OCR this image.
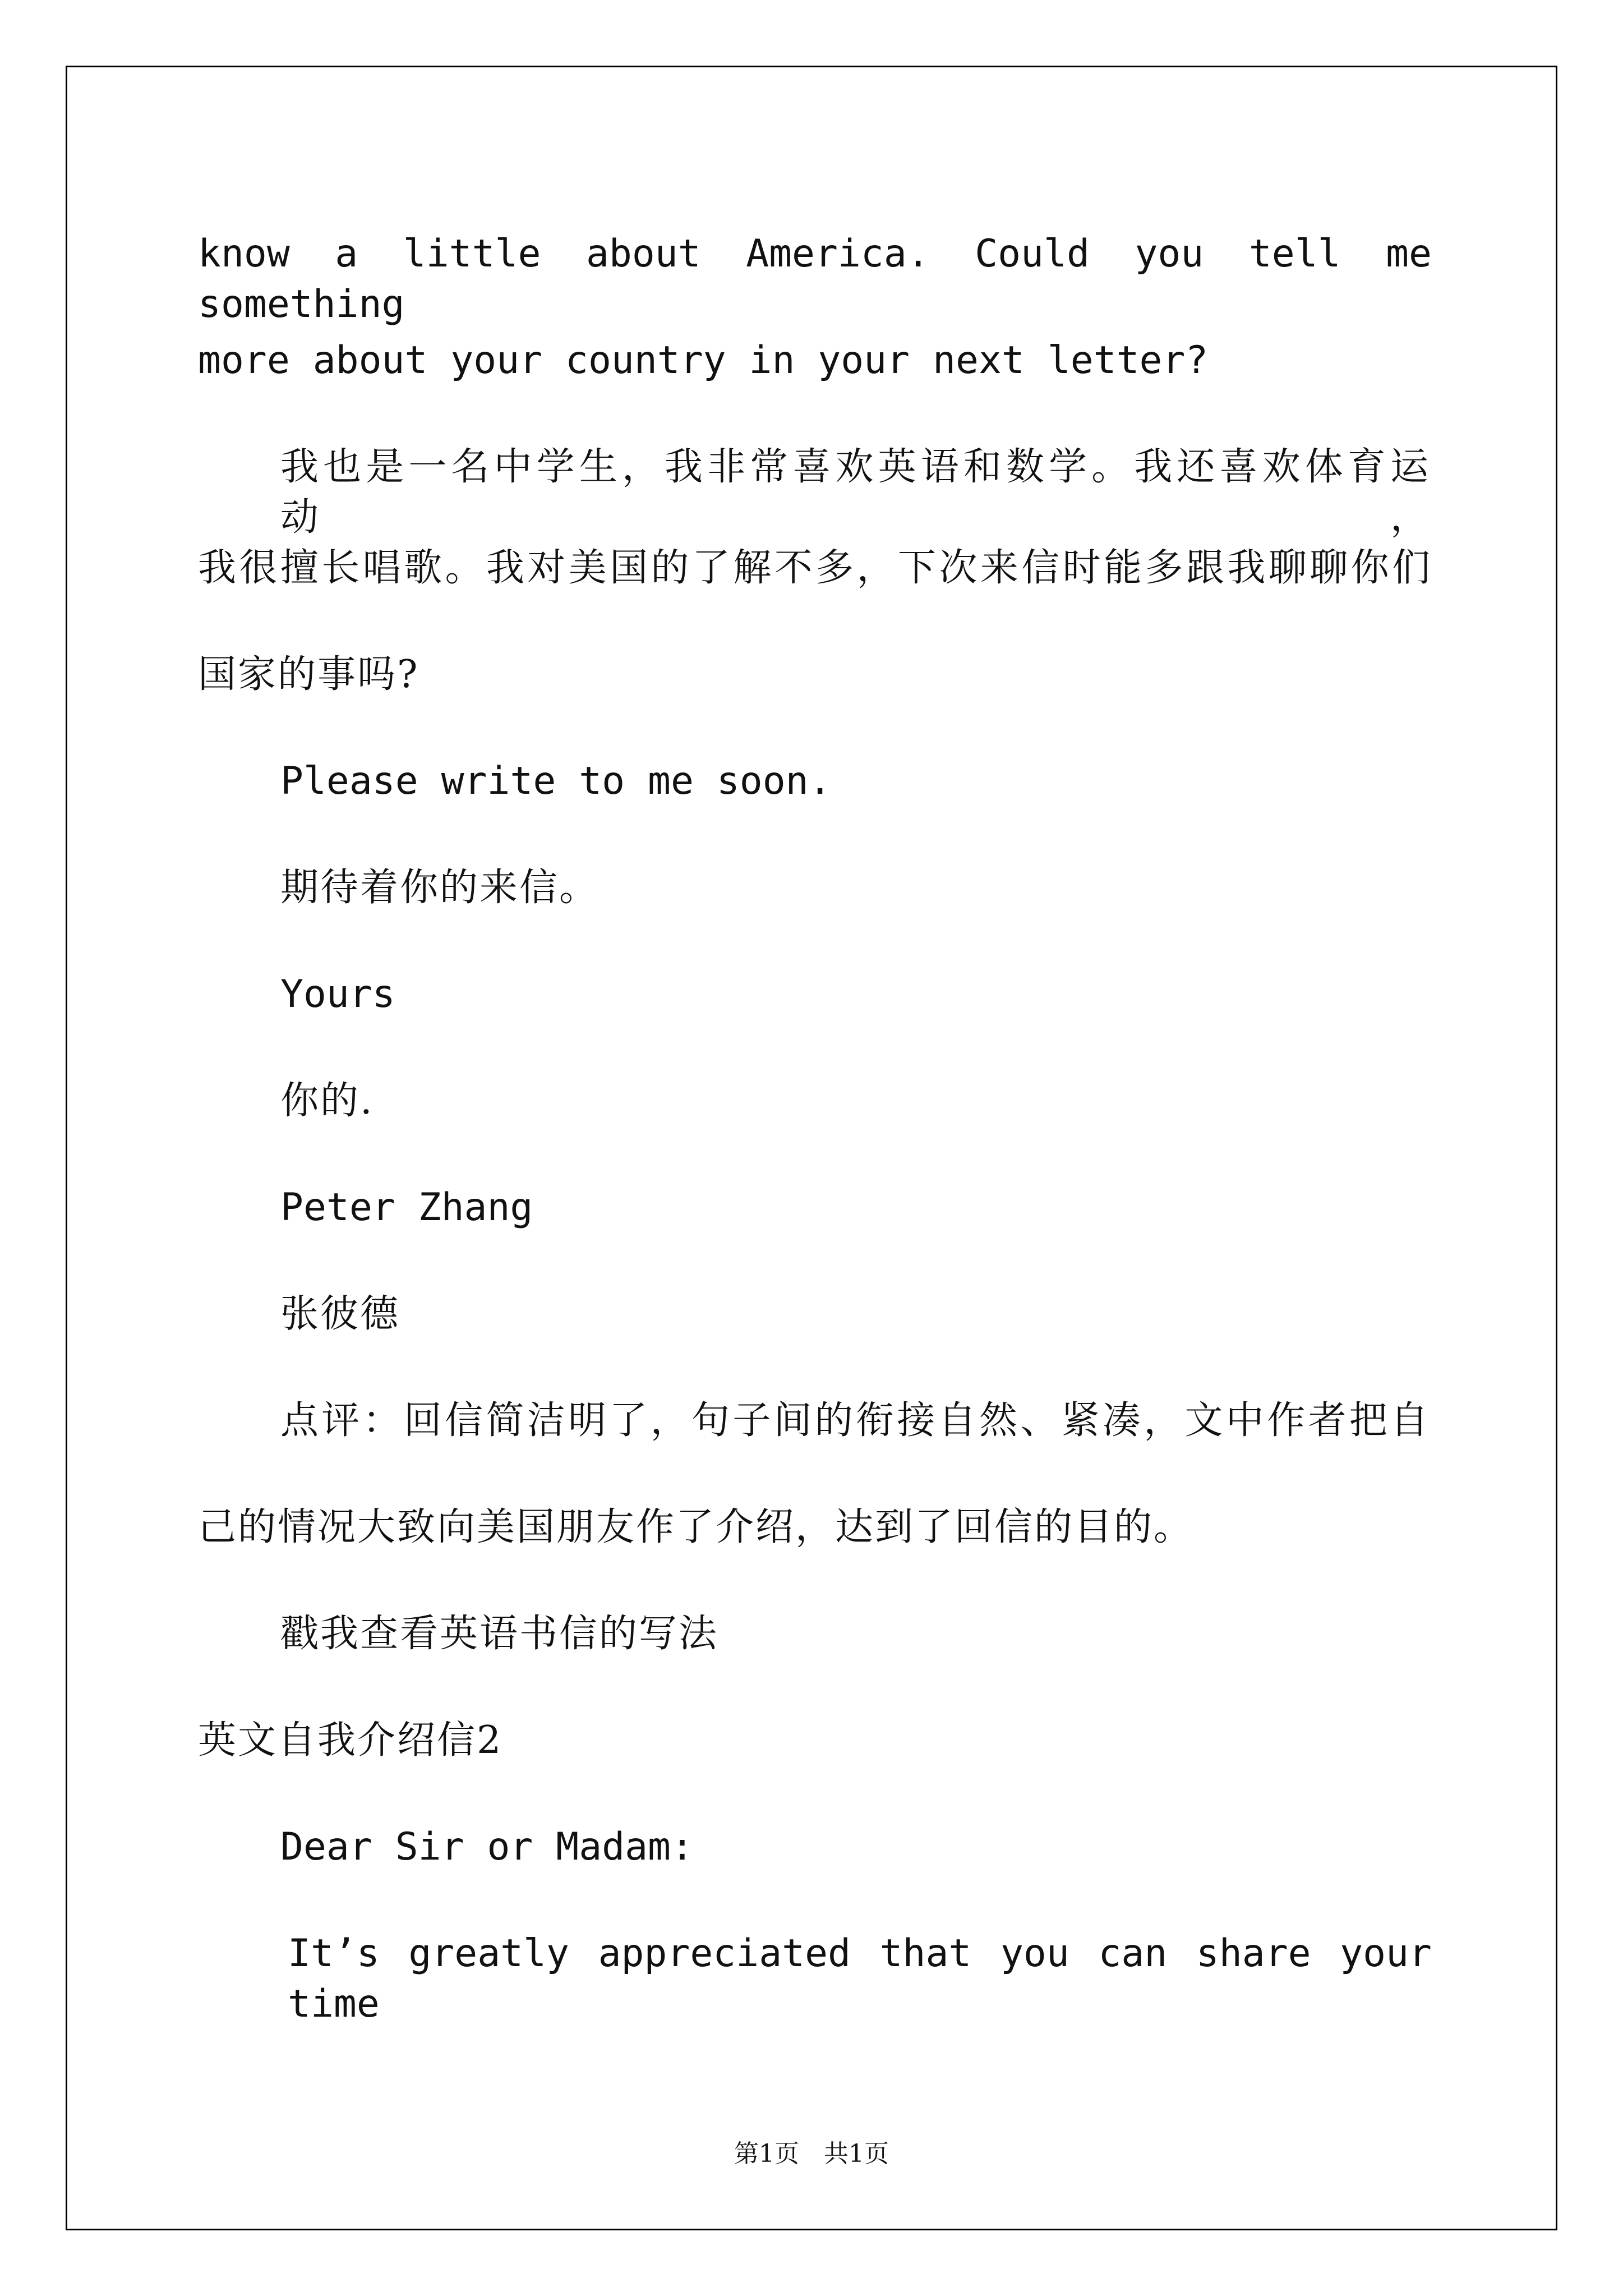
know a little about America. Could you tell me something
more about your country in your next letter?
我也是一名中学生，我非常喜欢英语和数学。我还喜欢体育运动，
我很擅长唱歌。我对美国的了解不多，下次来信时能多跟我聊聊你们
国家的事吗?
Please write to me soon.
期待着你的来信。
Yours
你的.
Peter Zhang
张彼德
点评：回信简洁明了，句子间的衔接自然、紧凑，文中作者把自
己的情况大致向美国朋友作了介绍，达到了回信的目的。
戳我查看英语书信的写法
英文自我介绍信2
Dear Sir or Madam:
It’s greatly appreciated that you can share your time
第1页　共1页
